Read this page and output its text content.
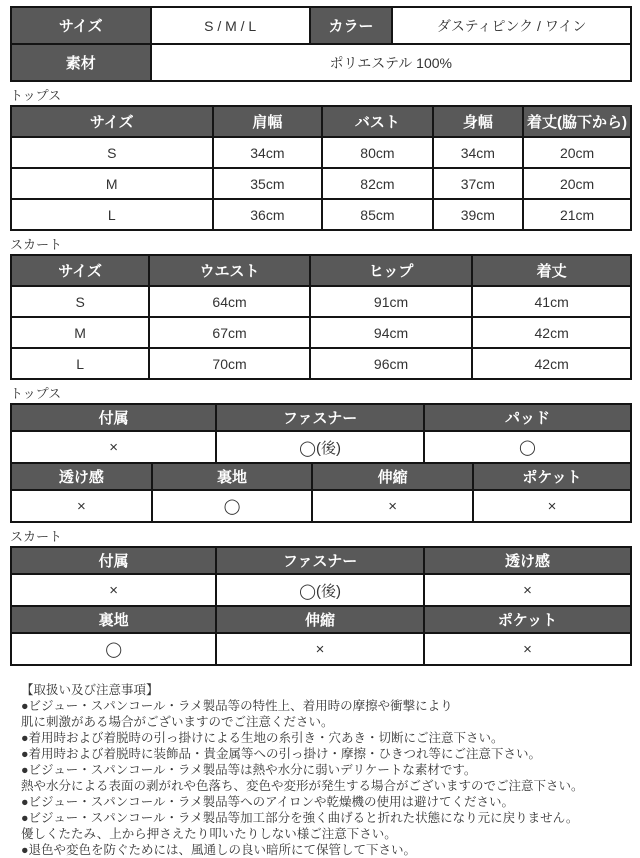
サイズ	S / M / L	カラー	ダスティピンク / ワイン
素材	ポリエステル 100%		
トップス
サイズ	肩幅	バスト	身幅	着丈(脇下から)
S	34cm	80cm	34cm	20cm
M	35cm	82cm	37cm	20cm
L	36cm	85cm	39cm	21cm
スカート
サイズ	ウエスト	ヒップ	着丈
S	64cm	91cm	41cm
M	67cm	94cm	42cm
L	70cm	96cm	42cm
トップス
付属	ファスナー	パッド
×	◯(後)	◯
透け感	裏地	伸縮	ポケット
×	◯	×	×
スカート
付属	ファスナー	透け感
×	◯(後)	×
裏地	伸縮	ポケット
◯	×	×
【取扱い及び注意事項】
●ビジュー・スパンコール・ラメ製品等の特性上、着用時の摩擦や衝撃により
肌に刺激がある場合がございますのでご注意ください。
●着用時および着脱時の引っ掛けによる生地の糸引き・穴あき・切断にご注意下さい。
●着用時および着脱時に装飾品・貴金属等への引っ掛け・摩擦・ひきつれ等にご注意下さい。
●ビジュー・スパンコール・ラメ製品等は熱や水分に弱いデリケートな素材です。
熱や水分による表面の剥がれや色落ち、変色や変形が発生する場合がございますのでご注意下さい。
●ビジュー・スパンコール・ラメ製品等へのアイロンや乾燥機の使用は避けてください。
●ビジュー・スパンコール・ラメ製品等加工部分を強く曲げると折れた状態になり元に戻りません。
優しくたたみ、上から押さえたり叩いたりしない様ご注意下さい。
●退色や変色を防ぐためには、風通しの良い暗所にて保管して下さい。
